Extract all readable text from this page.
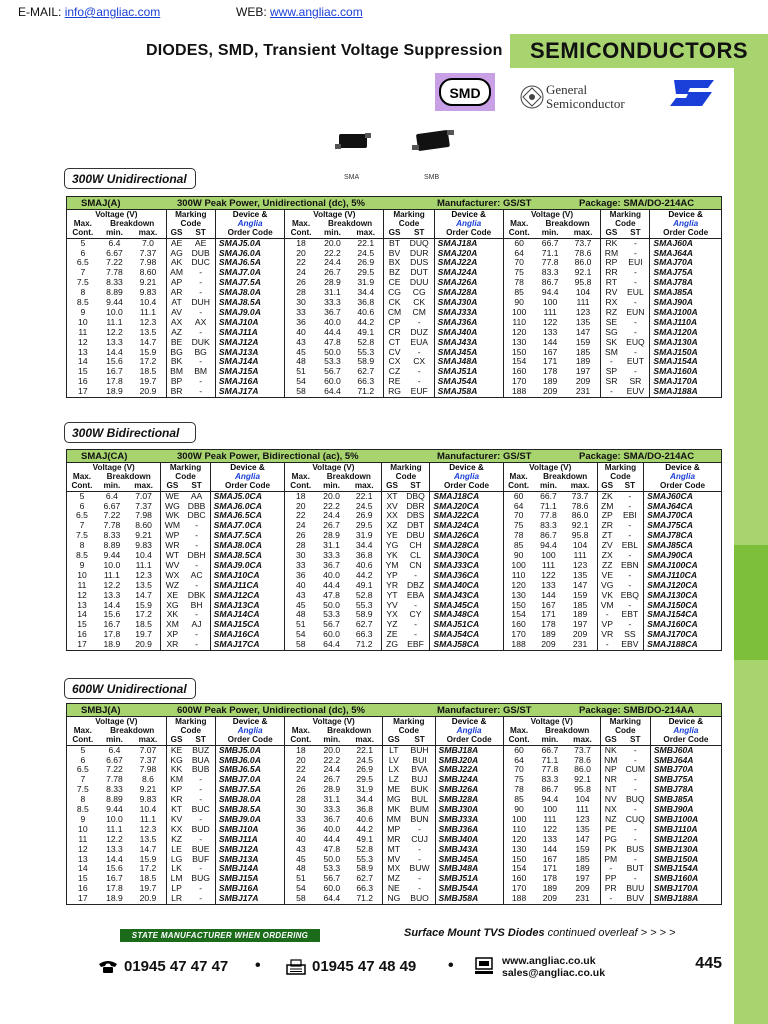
E-MAIL: info@angliac.com	WEB: www.angliac.com
DIODES, SMD, Transient Voltage Suppression	SEMICONDUCTORS
SMD	General
Semiconductor
SMA	SMB
300W Unidirectional
SMAJ(A)	300W Peak Power, Unidirectional (dc), 5%	Manufacturer: GS/ST	Package: SMA/DO-214AC
Voltage (V)			Marking		Device &
Max.	Breakdown		Code		Anglia
Cont.	min.	max.	GS	ST	Order Code
5	6.4	7.0	AE	AE	SMAJ5.0A
6	6.67	7.37	AG	DUB	SMAJ6.0A
6.5	7.22	7.98	AK	DUC	SMAJ6.5A
7	7.78	8.60	AM	-	SMAJ7.0A
7.5	8.33	9.21	AP	-	SMAJ7.5A
8	8.89	9.83	AR	-	SMAJ8.0A
8.5	9.44	10.4	AT	DUH	SMAJ8.5A
9	10.0	11.1	AV	-	SMAJ9.0A
10	11.1	12.3	AX	AX	SMAJ10A
11	12.2	13.5	AZ	-	SMAJ11A
12	13.3	14.7	BE	DUK	SMAJ12A
13	14.4	15.9	BG	BG	SMAJ13A
14	15.6	17.2	BK	-	SMAJ14A
15	16.7	18.5	BM	BM	SMAJ15A
16	17.8	19.7	BP	-	SMAJ16A
17	18.9	20.9	BR	-	SMAJ17A
Voltage (V)			Marking		Device &
Max.	Breakdown		Code		Anglia
Cont.	min.	max.	GS	ST	Order Code
18	20.0	22.1	BT	DUQ	SMAJ18A
20	22.2	24.5	BV	DUR	SMAJ20A
22	24.4	26.9	BX	DUS	SMAJ22A
24	26.7	29.5	BZ	DUT	SMAJ24A
26	28.9	31.9	CE	DUU	SMAJ26A
28	31.1	34.4	CG	CG	SMAJ28A
30	33.3	36.8	CK	CK	SMAJ30A
33	36.7	40.6	CM	CM	SMAJ33A
36	40.0	44.2	CP	-	SMAJ36A
40	44.4	49.1	CR	DUZ	SMAJ40A
43	47.8	52.8	CT	EUA	SMAJ43A
45	50.0	55.3	CV	-	SMAJ45A
48	53.3	58.9	CX	CX	SMAJ48A
51	56.7	62.7	CZ	-	SMAJ51A
54	60.0	66.3	RE	-	SMAJ54A
58	64.4	71.2	RG	EUF	SMAJ58A
Voltage (V)			Marking		Device &
Max.	Breakdown		Code		Anglia
Cont.	min.	max.	GS	ST	Order Code
60	66.7	73.7	RK	-	SMAJ60A
64	71.1	78.6	RM	-	SMAJ64A
70	77.8	86.0	RP	EUI	SMAJ70A
75	83.3	92.1	RR	-	SMAJ75A
78	86.7	95.8	RT	-	SMAJ78A
85	94.4	104	RV	EUL	SMAJ85A
90	100	111	RX	-	SMAJ90A
100	111	123	RZ	EUN	SMAJ100A
110	122	135	SE	-	SMAJ110A
120	133	147	SG	-	SMAJ120A
130	144	159	SK	EUQ	SMAJ130A
150	167	185	SM	-	SMAJ150A
154	171	189	-	EUT	SMAJ154A
160	178	197	SP	-	SMAJ160A
170	189	209	SR	SR	SMAJ170A
188	209	231	-	EUV	SMAJ188A
300W Bidirectional
SMAJ(CA)	300W Peak Power, Bidirectional (ac), 5%	Manufacturer: GS/ST	Package: SMA/DO-214AC
Voltage (V)			Marking		Device &
Max.	Breakdown		Code		Anglia
Cont.	min.	max.	GS	ST	Order Code
5	6.4	7.07	WE	AA	SMAJ5.0CA
6	6.67	7.37	WG	DBB	SMAJ6.0CA
6.5	7.22	7.98	WK	DBC	SMAJ6.5CA
7	7.78	8.60	WM	-	SMAJ7.0CA
7.5	8.33	9.21	WP	-	SMAJ7.5CA
8	8.89	9.83	WR	-	SMAJ8.0CA
8.5	9.44	10.4	WT	DBH	SMAJ8.5CA
9	10.0	11.1	WV	-	SMAJ9.0CA
10	11.1	12.3	WX	AC	SMAJ10CA
11	12.2	13.5	WZ	-	SMAJ11CA
12	13.3	14.7	XE	DBK	SMAJ12CA
13	14.4	15.9	XG	BH	SMAJ13CA
14	15.6	17.2	XK	-	SMAJ14CA
15	16.7	18.5	XM	AJ	SMAJ15CA
16	17.8	19.7	XP	-	SMAJ16CA
17	18.9	20.9	XR	-	SMAJ17CA
Voltage (V)			Marking		Device &
Max.	Breakdown		Code		Anglia
Cont.	min.	max.	GS	ST	Order Code
18	20.0	22.1	XT	DBQ	SMAJ18CA
20	22.2	24.5	XV	DBR	SMAJ20CA
22	24.4	26.9	XX	DBS	SMAJ22CA
24	26.7	29.5	XZ	DBT	SMAJ24CA
26	28.9	31.9	YE	DBU	SMAJ26CA
28	31.1	34.4	YG	CH	SMAJ28CA
30	33.3	36.8	YK	CL	SMAJ30CA
33	36.7	40.6	YM	CN	SMAJ33CA
36	40.0	44.2	YP	-	SMAJ36CA
40	44.4	49.1	YR	DBZ	SMAJ40CA
43	47.8	52.8	YT	EBA	SMAJ43CA
45	50.0	55.3	YV	-	SMAJ45CA
48	53.3	58.9	YX	CY	SMAJ48CA
51	56.7	62.7	YZ	-	SMAJ51CA
54	60.0	66.3	ZE	-	SMAJ54CA
58	64.4	71.2	ZG	EBF	SMAJ58CA
Voltage (V)			Marking		Device &
Max.	Breakdown		Code		Anglia
Cont.	min.	max.	GS	ST	Order Code
60	66.7	73.7	ZK	-	SMAJ60CA
64	71.1	78.6	ZM	-	SMAJ64CA
70	77.8	86.0	ZP	EBI	SMAJ70CA
75	83.3	92.1	ZR	-	SMAJ75CA
78	86.7	95.8	ZT	-	SMAJ78CA
85	94.4	104	ZV	EBL	SMAJ85CA
90	100	111	ZX	-	SMAJ90CA
100	111	123	ZZ	EBN	SMAJ100CA
110	122	135	VE	-	SMAJ110CA
120	133	147	VG	-	SMAJ120CA
130	144	159	VK	EBQ	SMAJ130CA
150	167	185	VM	-	SMAJ150CA
154	171	189	-	EBT	SMAJ154CA
160	178	197	VP	-	SMAJ160CA
170	189	209	VR	SS	SMAJ170CA
188	209	231	-	EBV	SMAJ188CA
600W Unidirectional
SMBJ(A)	600W Peak Power, Unidirectional (dc), 5%	Manufacturer: GS/ST	Package: SMB/DO-214AA
Voltage (V)			Marking		Device &
Max.	Breakdown		Code		Anglia
Cont.	min.	max.	GS	ST	Order Code
5	6.4	7.07	KE	BUZ	SMBJ5.0A
6	6.67	7.37	KG	BUA	SMBJ6.0A
6.5	7.22	7.98	KK	BUB	SMBJ6.5A
7	7.78	8.6	KM	-	SMBJ7.0A
7.5	8.33	9.21	KP	-	SMBJ7.5A
8	8.89	9.83	KR	-	SMBJ8.0A
8.5	9.44	10.4	KT	BUC	SMBJ8.5A
9	10.0	11.1	KV	-	SMBJ9.0A
10	11.1	12.3	KX	BUD	SMBJ10A
11	12.2	13.5	KZ	-	SMBJ11A
12	13.3	14.7	LE	BUE	SMBJ12A
13	14.4	15.9	LG	BUF	SMBJ13A
14	15.6	17.2	LK	-	SMBJ14A
15	16.7	18.5	LM	BUG	SMBJ15A
16	17.8	19.7	LP	-	SMBJ16A
17	18.9	20.9	LR	-	SMBJ17A
Voltage (V)			Marking		Device &
Max.	Breakdown		Code		Anglia
Cont.	min.	max.	GS	ST	Order Code
18	20.0	22.1	LT	BUH	SMBJ18A
20	22.2	24.5	LV	BUI	SMBJ20A
22	24.4	26.9	LX	BVA	SMBJ22A
24	26.7	29.5	LZ	BUJ	SMBJ24A
26	28.9	31.9	ME	BUK	SMBJ26A
28	31.1	34.4	MG	BUL	SMBJ28A
30	33.3	36.8	MK	BUM	SMBJ30A
33	36.7	40.6	MM	BUN	SMBJ33A
36	40.0	44.2	MP	-	SMBJ36A
40	44.4	49.1	MR	CUJ	SMBJ40A
43	47.8	52.8	MT	-	SMBJ43A
45	50.0	55.3	MV	-	SMBJ45A
48	53.3	58.9	MX	BUW	SMBJ48A
51	56.7	62.7	MZ	-	SMBJ51A
54	60.0	66.3	NE	-	SMBJ54A
58	64.4	71.2	NG	BUO	SMBJ58A
Voltage (V)			Marking		Device &
Max.	Breakdown		Code		Anglia
Cont.	min.	max.	GS	ST	Order Code
60	66.7	73.7	NK	-	SMBJ60A
64	71.1	78.6	NM	-	SMBJ64A
70	77.8	86.0	NP	CUM	SMBJ70A
75	83.3	92.1	NR	-	SMBJ75A
78	86.7	95.8	NT	-	SMBJ78A
85	94.4	104	NV	BUQ	SMBJ85A
90	100	111	NX	-	SMBJ90A
100	111	123	NZ	CUQ	SMBJ100A
110	122	135	PE	-	SMBJ110A
120	133	147	PG	-	SMBJ120A
130	144	159	PK	BUS	SMBJ130A
150	167	185	PM	-	SMBJ150A
154	171	189	-	BUT	SMBJ154A
160	178	197	PP	-	SMBJ160A
170	189	209	PR	BUU	SMBJ170A
188	209	231	-	BUV	SMBJ188A
STATE MANUFACTURER WHEN ORDERING	Surface Mount TVS Diodes continued overleaf > > > >
01945 47 47 47 •	01945 47 48 49 •	www.angliac.co.uk
sales@angliac.co.uk
445
